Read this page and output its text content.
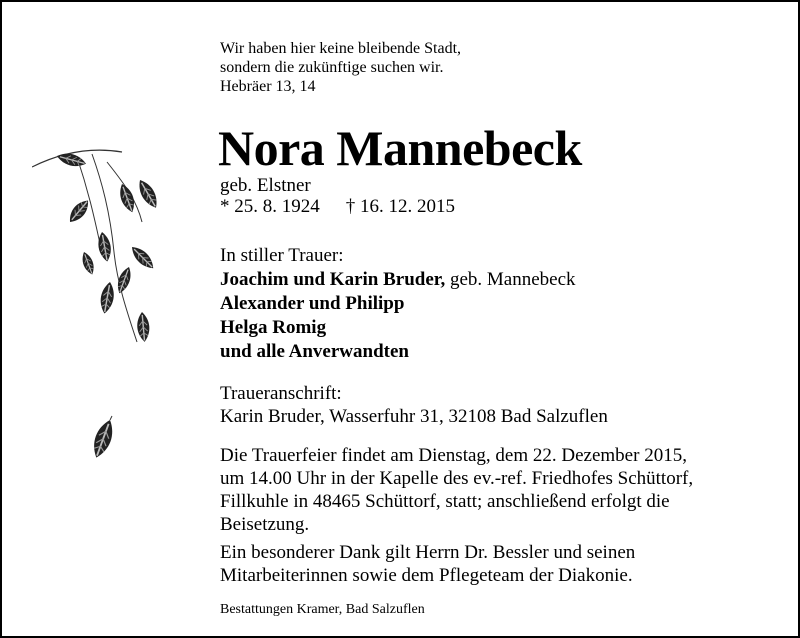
Wir haben hier keine bleibende Stadt,
sondern die zukünftige suchen wir.
Hebräer 13, 14
Nora Mannebeck
geb. Elstner
* 25. 8. 1924 † 16. 12. 2015
In stiller Trauer:
Joachim und Karin Bruder, geb. Mannebeck
Alexander und Philipp
Helga Romig
und alle Anverwandten
Traueranschrift:
Karin Bruder, Wasserfuhr 31, 32108 Bad Salzuflen
Die Trauerfeier findet am Dienstag, dem 22. Dezember 2015,
um 14.00 Uhr in der Kapelle des ev.-ref. Friedhofes Schüttorf,
Fillkuhle in 48465 Schüttorf, statt; anschließend erfolgt die
Beisetzung.
Ein besonderer Dank gilt Herrn Dr. Bessler und seinen
Mitarbeiterinnen sowie dem Pflegeteam der Diakonie.
Bestattungen Kramer, Bad Salzuflen
